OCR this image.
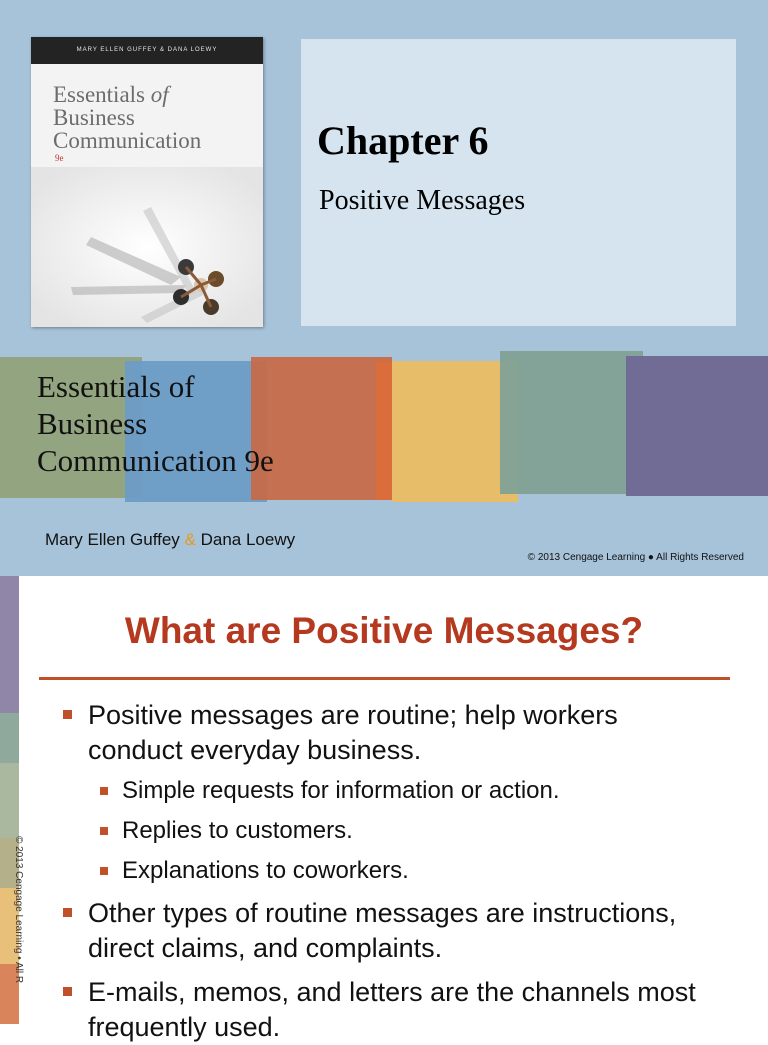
MARY ELLEN GUFFEY & DANA LOEWY
Essentials of
Business
Communication
9e	Chapter 6
Positive Messages
Essentials of
Business
Communication 9e
Mary Ellen Guffey & Dana Loewy
© 2013 Cengage Learning ● All Rights Reserved
© 2013 Cengage Learning • All R
What are Positive Messages?
Positive messages are routine; help workers conduct everyday business.
Simple requests for information or action.
Replies to customers.
Explanations to coworkers.
Other types of routine messages are instructions, direct claims, and complaints.
E-mails, memos, and letters are the channels most frequently used.
